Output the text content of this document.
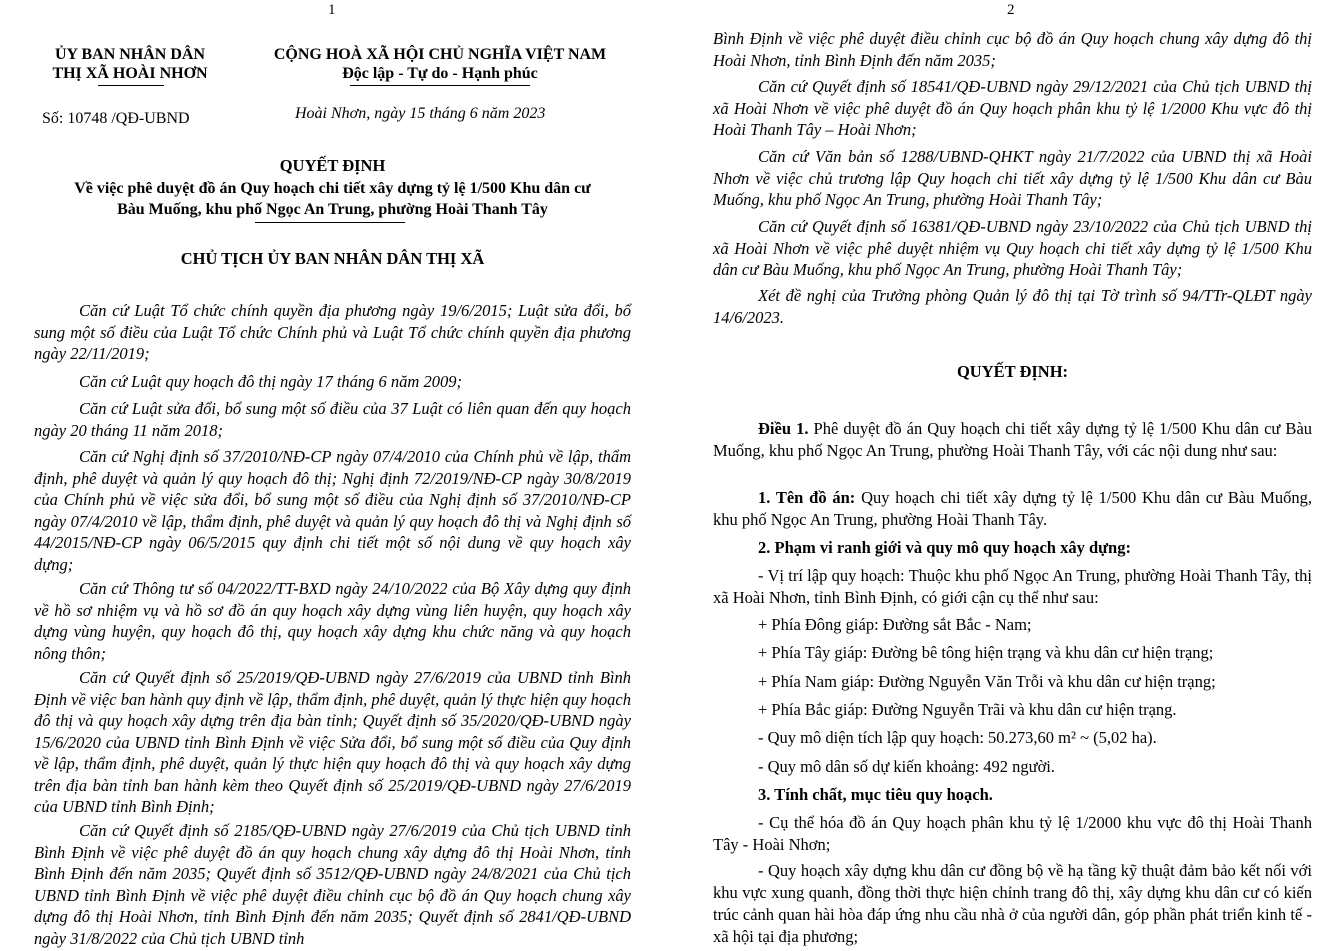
1
ỦY BAN NHÂN DÂN
THỊ XÃ HOÀI NHƠN
CỘNG HOÀ XÃ HỘI CHỦ NGHĨA VIỆT NAM
Độc lập - Tự do - Hạnh phúc
Số: 10748 /QĐ-UBND	Hoài Nhơn, ngày 15 tháng 6 năm 2023
QUYẾT ĐỊNH
Về việc phê duyệt đồ án Quy hoạch chi tiết xây dựng tỷ lệ 1/500 Khu dân cư
Bàu Muống, khu phố Ngọc An Trung, phường Hoài Thanh Tây
CHỦ TỊCH ỦY BAN NHÂN DÂN THỊ XÃ
Căn cứ Luật Tổ chức chính quyền địa phương ngày 19/6/2015; Luật sửa đổi, bổ sung một số điều của Luật Tổ chức Chính phủ và Luật Tổ chức chính quyền địa phương ngày 22/11/2019;
Căn cứ Luật quy hoạch đô thị ngày 17 tháng 6 năm 2009;
Căn cứ Luật sửa đổi, bổ sung một số điều của 37 Luật có liên quan đến quy hoạch ngày 20 tháng 11 năm 2018;
Căn cứ Nghị định số 37/2010/NĐ-CP ngày 07/4/2010 của Chính phủ về lập, thẩm định, phê duyệt và quản lý quy hoạch đô thị; Nghị định 72/2019/NĐ-CP ngày 30/8/2019 của Chính phủ về việc sửa đổi, bổ sung một số điều của Nghị định số 37/2010/NĐ-CP ngày 07/4/2010 về lập, thẩm định, phê duyệt và quản lý quy hoạch đô thị và Nghị định số 44/2015/NĐ-CP ngày 06/5/2015 quy định chi tiết một số nội dung về quy hoạch xây dựng;
Căn cứ Thông tư số 04/2022/TT-BXD ngày 24/10/2022 của Bộ Xây dựng quy định về hồ sơ nhiệm vụ và hồ sơ đồ án quy hoạch xây dựng vùng liên huyện, quy hoạch xây dựng vùng huyện, quy hoạch đô thị, quy hoạch xây dựng khu chức năng và quy hoạch nông thôn;
Căn cứ Quyết định số 25/2019/QĐ-UBND ngày 27/6/2019 của UBND tỉnh Bình Định về việc ban hành quy định về lập, thẩm định, phê duyệt, quản lý thực hiện quy hoạch đô thị và quy hoạch xây dựng trên địa bàn tỉnh; Quyết định số 35/2020/QĐ-UBND ngày 15/6/2020 của UBND tỉnh Bình Định về việc Sửa đổi, bổ sung một số điều của Quy định về lập, thẩm định, phê duyệt, quản lý thực hiện quy hoạch đô thị và quy hoạch xây dựng trên địa bàn tỉnh ban hành kèm theo Quyết định số 25/2019/QĐ-UBND ngày 27/6/2019 của UBND tỉnh Bình Định;
Căn cứ Quyết định số 2185/QĐ-UBND ngày 27/6/2019 của Chủ tịch UBND tỉnh Bình Định về việc phê duyệt đồ án quy hoạch chung xây dựng đô thị Hoài Nhơn, tỉnh Bình Định đến năm 2035; Quyết định số 3512/QĐ-UBND ngày 24/8/2021 của Chủ tịch UBND tỉnh Bình Định về việc phê duyệt điều chỉnh cục bộ đồ án Quy hoạch chung xây dựng đô thị Hoài Nhơn, tỉnh Bình Định đến năm 2035; Quyết định số 2841/QĐ-UBND ngày 31/8/2022 của Chủ tịch UBND tỉnh
2
Bình Định về việc phê duyệt điều chỉnh cục bộ đồ án Quy hoạch chung xây dựng đô thị Hoài Nhơn, tỉnh Bình Định đến năm 2035;
Căn cứ Quyết định số 18541/QĐ-UBND ngày 29/12/2021 của Chủ tịch UBND thị xã Hoài Nhơn về việc phê duyệt đồ án Quy hoạch phân khu tỷ lệ 1/2000 Khu vực đô thị Hoài Thanh Tây – Hoài Nhơn;
Căn cứ Văn bản số 1288/UBND-QHKT ngày 21/7/2022 của UBND thị xã Hoài Nhơn về việc chủ trương lập Quy hoạch chi tiết xây dựng tỷ lệ 1/500 Khu dân cư Bàu Muống, khu phố Ngọc An Trung, phường Hoài Thanh Tây;
Căn cứ Quyết định số 16381/QĐ-UBND ngày 23/10/2022 của Chủ tịch UBND thị xã Hoài Nhơn về việc phê duyệt nhiệm vụ Quy hoạch chi tiết xây dựng tỷ lệ 1/500 Khu dân cư Bàu Muống, khu phố Ngọc An Trung, phường Hoài Thanh Tây;
Xét đề nghị của Trưởng phòng Quản lý đô thị tại Tờ trình số 94/TTr-QLĐT ngày 14/6/2023.
QUYẾT ĐỊNH:
Điều 1. Phê duyệt đồ án Quy hoạch chi tiết xây dựng tỷ lệ 1/500 Khu dân cư Bàu Muống, khu phố Ngọc An Trung, phường Hoài Thanh Tây, với các nội dung như sau:
1. Tên đồ án: Quy hoạch chi tiết xây dựng tỷ lệ 1/500 Khu dân cư Bàu Muống, khu phố Ngọc An Trung, phường Hoài Thanh Tây.
2. Phạm vi ranh giới và quy mô quy hoạch xây dựng:
- Vị trí lập quy hoạch: Thuộc khu phố Ngọc An Trung, phường Hoài Thanh Tây, thị xã Hoài Nhơn, tỉnh Bình Định, có giới cận cụ thể như sau:
+ Phía Đông giáp: Đường sắt Bắc - Nam;
+ Phía Tây giáp: Đường bê tông hiện trạng và khu dân cư hiện trạng;
+ Phía Nam giáp: Đường Nguyễn Văn Trỗi và khu dân cư hiện trạng;
+ Phía Bắc giáp: Đường Nguyễn Trãi và khu dân cư hiện trạng.
- Quy mô diện tích lập quy hoạch: 50.273,60 m² ~ (5,02 ha).
- Quy mô dân số dự kiến khoảng: 492 người.
3. Tính chất, mục tiêu quy hoạch.
- Cụ thể hóa đồ án Quy hoạch phân khu tỷ lệ 1/2000 khu vực đô thị Hoài Thanh Tây - Hoài Nhơn;
- Quy hoạch xây dựng khu dân cư đồng bộ về hạ tầng kỹ thuật đảm bảo kết nối với khu vực xung quanh, đồng thời thực hiện chỉnh trang đô thị, xây dựng khu dân cư có kiến trúc cảnh quan hài hòa đáp ứng nhu cầu nhà ở của người dân, góp phần phát triển kinh tế - xã hội tại địa phương;
